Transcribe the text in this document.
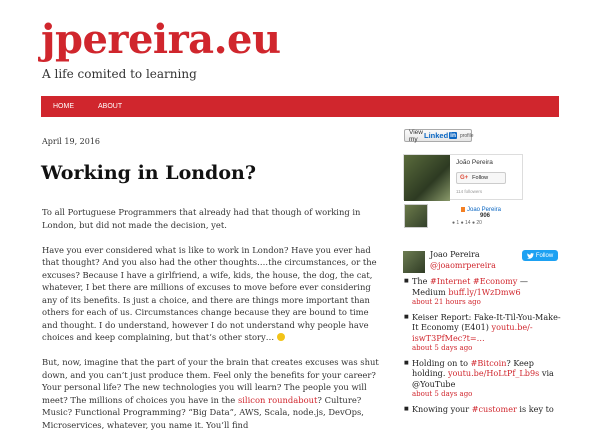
jpereira.eu
A life comited to learning
HOME	ABOUT
April 19, 2016
Working in London?

To all Portuguese Programmers that already had that though of working in London, but did not made the decision, yet.

Have you ever considered what is like to work in London? Have you ever had that thought? And you also had the other thoughts….the circumstances, or the excuses? Because I have a girlfriend, a wife, kids, the house, the dog, the cat, whatever, I bet there are millions of excuses to move before ever considering any of its benefits. Is just a choice, and there are things more important than others for each of us. Circumstances change because they are bound to time and thought. I do understand, however I do not understand why people have choices and keep complaining, but that’s other story…

But, now, imagine that the part of your the brain that creates excuses was shut down, and you can’t just produce them. Feel only the benefits for your career? Your personal life? The new technologies you will learn? The people you will meet? The millions of choices you have in the silicon roundabout? Culture? Music? Functional Programming? “Big Data”, AWS, Scala, node.js, DevOps, Microservices, whatever, you name it. You’ll find

View my Linked in profile
João Pereira
G+ Follow
114 followers
Joao Pereira
906
● 1 ● 14 ● 20
Joao Pereira
@joaomrpereira
Follow
■ The #Internet #Economy — Medium buff.ly/1WzDmw6
about 21 hours ago
■ Keiser Report: Fake-It-Til-You-Make-It Economy (E401) youtu.be/-iswT3PfMec?t=…
about 5 days ago
■ Holding on to #Bitcoin? Keep holding. youtu.be/HoLtPf_Lb9s via @YouTube
about 5 days ago
■ Knowing your #customer is key to
